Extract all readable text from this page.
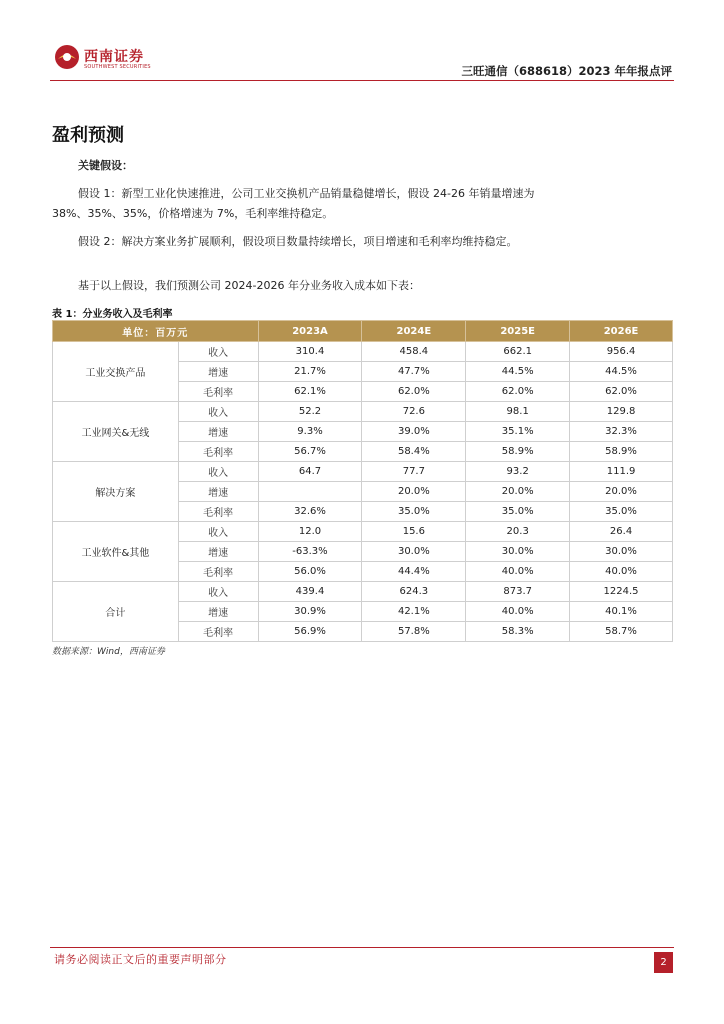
西南证券
SOUTHWEST SECURITIES	三旺通信（688618）2023 年年报点评
盈利预测

关键假设：

假设 1：新型工业化快速推进，公司工业交换机产品销量稳健增长，假设 24-26 年销量增速为 38%、35%、35%，价格增速为 7%，毛利率维持稳定。

假设 2：解决方案业务扩展顺利，假设项目数量持续增长，项目增速和毛利率均维持稳定。

基于以上假设，我们预测公司 2024-2026 年分业务收入成本如下表：

表 1：分业务收入及毛利率
单位：百万元		2023A	2024E	2025E	2026E
工业交换产品	收入	310.4	458.4	662.1	956.4
	增速	21.7%	47.7%	44.5%	44.5%
	毛利率	62.1%	62.0%	62.0%	62.0%
工业网关&无线	收入	52.2	72.6	98.1	129.8
	增速	9.3%	39.0%	35.1%	32.3%
	毛利率	56.7%	58.4%	58.9%	58.9%
解决方案	收入	64.7	77.7	93.2	111.9
	增速		20.0%	20.0%	20.0%
	毛利率	32.6%	35.0%	35.0%	35.0%
工业软件&其他	收入	12.0	15.6	20.3	26.4
	增速	-63.3%	30.0%	30.0%	30.0%
	毛利率	56.0%	44.4%	40.0%	40.0%
合计	收入	439.4	624.3	873.7	1224.5
	增速	30.9%	42.1%	40.0%	40.1%
	毛利率	56.9%	57.8%	58.3%	58.7%
数据来源：Wind，西南证券
请务必阅读正文后的重要声明部分	2
